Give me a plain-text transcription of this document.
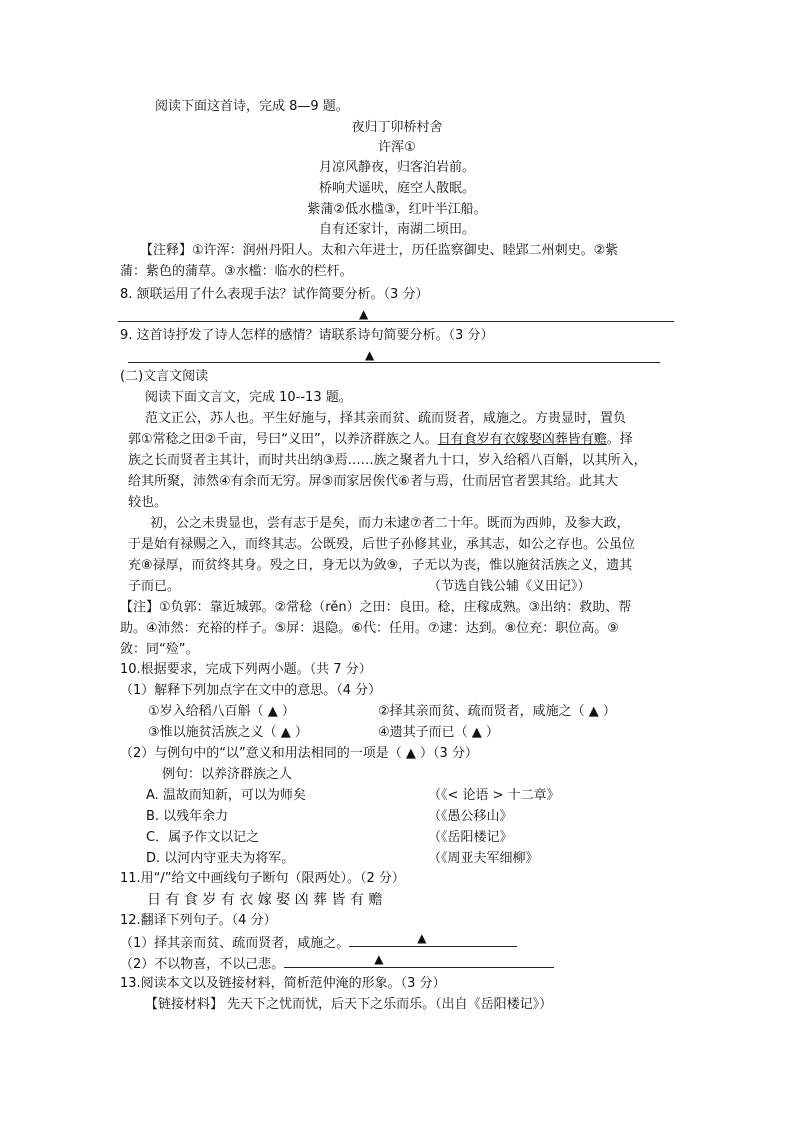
阅读下面这首诗，完成 8—9 题。
夜归丁卯桥村舍
许浑①
月凉风静夜，归客泊岩前。
桥响犬遥吠，庭空人散眠。
紫蒲②低水槛③，红叶半江船。
自有还家计，南湖二顷田。
【注释】①许浑：润州丹阳人。太和六年进士，历任监察御史、睦郢二州刺史。②紫
蒲：紫色的蒲草。③水槛：临水的栏杆。
8. 颔联运用了什么表现手法？试作简要分析。（3 分）
▲
9. 这首诗抒发了诗人怎样的感情？请联系诗句简要分析。（3 分）
▲
(二)文言文阅读
阅读下面文言文，完成 10--13 题。
范文正公，苏人也。平生好施与，择其亲而贫、疏而贤者，咸施之。方贵显时，置负
郭①常稔之田②千亩，号曰“义田”，以养济群族之人。日有食岁有衣嫁娶凶葬皆有赡。择
族之长而贤者主其计，而时共出纳③焉……族之聚者九十口，岁入给稻八百斛，以其所入，
给其所聚，沛然④有余而无穷。屏⑤而家居俟代⑥者与焉，仕而居官者罢其给。此其大
较也。
初，公之未贵显也，尝有志于是矣，而力未逮⑦者二十年。既而为西帅，及参大政，
于是始有禄赐之入，而终其志。公既殁，后世子孙修其业，承其志，如公之存也。公虽位
充⑧禄厚，而贫终其身。殁之日，身无以为敛⑨，子无以为丧，惟以施贫活族之义，遗其
子而已。	（节选自钱公辅《义田记》）
【注】①负郭：靠近城郭。②常稔（rěn）之田：良田。稔，庄稼成熟。③出纳：救助、帮
助。④沛然：充裕的样子。⑤屏：退隐。⑥代：任用。⑦逮：达到。⑧位充：职位高。⑨
敛：同“殓”。
10.根据要求，完成下列两小题。（共 7 分）
（1）解释下列加点字在文中的意思。（4 分）
①岁入给稻八百斛（ ▲ ）	②择其亲而贫、疏而贤者，咸施之（ ▲ ）
③惟以施贫活族之义（ ▲ ）	④遗其子而已（ ▲ ）
（2）与例句中的“以”意义和用法相同的一项是（ ▲ ）（3 分）
例句：以养济群族之人
A. 温故而知新，可以为师矣	（《< 论语 > 十二章》
B. 以残年余力	（《愚公移山》
C．属予作文以记之	（《岳阳楼记》
D. 以河内守亚夫为将军。	（《周亚夫军细柳》
11.用“/”给文中画线句子断句（限两处）。（2 分）
日 有 食 岁 有 衣 嫁 娶 凶 葬 皆 有 赡
12.翻译下列句子。（4 分）
（1）择其亲而贫、疏而贤者，咸施之。	▲
（2）不以物喜，不以己悲。	▲
13.阅读本文以及链接材料，简析范仲淹的形象。（3 分）
【链接材料】 先天下之忧而忧，后天下之乐而乐。（出自《岳阳楼记》）
